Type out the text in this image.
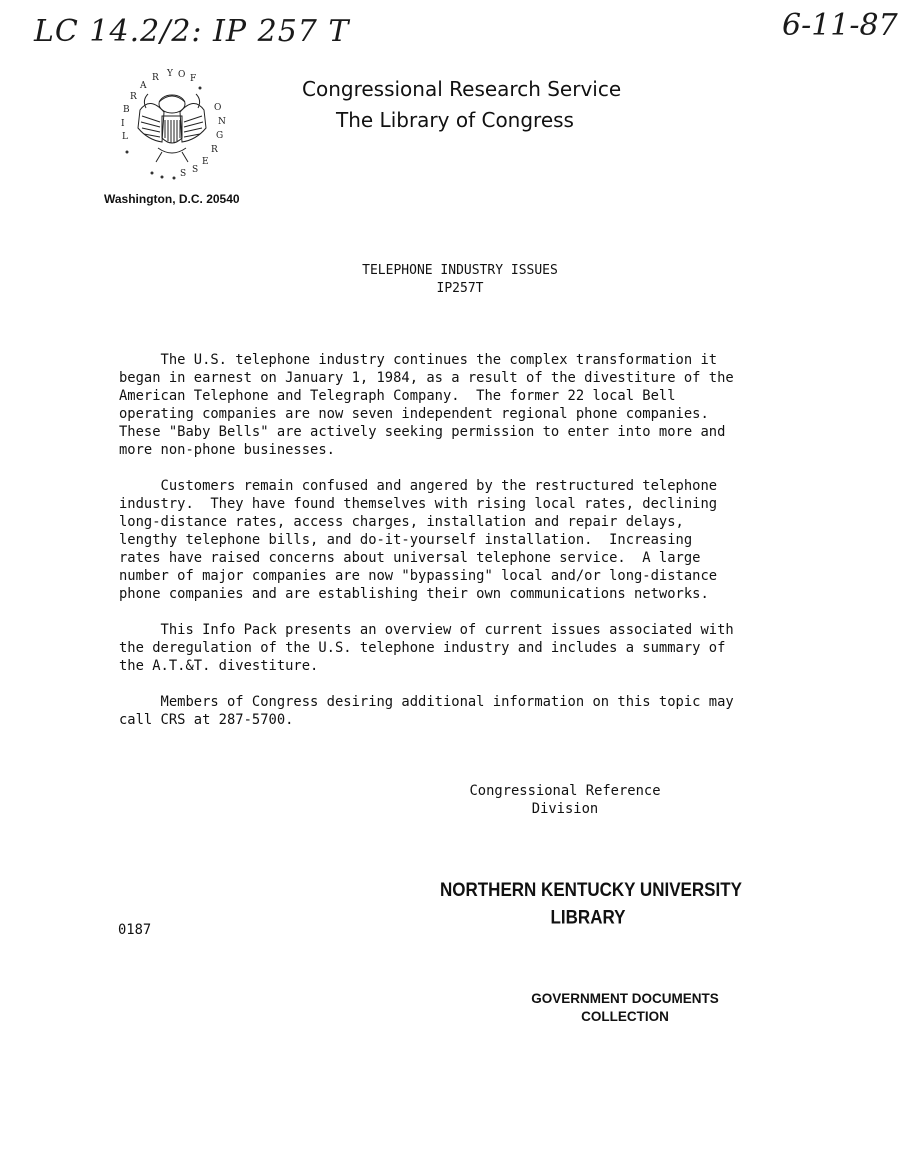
LC 14.2/2: IP 257 T	6-11-87
Y O F
R
A
R
B
I
L
O
N
G
R
E
S
S
Congressional Research Service
The Library of Congress
Washington, D.C. 20540
TELEPHONE INDUSTRY ISSUES
IP257T
The U.S. telephone industry continues the complex transformation it
began in earnest on January 1, 1984, as a result of the divestiture of the
American Telephone and Telegraph Company.  The former 22 local Bell
operating companies are now seven independent regional phone companies.
These "Baby Bells" are actively seeking permission to enter into more and
more non-phone businesses.
Customers remain confused and angered by the restructured telephone
industry.  They have found themselves with rising local rates, declining
long-distance rates, access charges, installation and repair delays,
lengthy telephone bills, and do-it-yourself installation.  Increasing
rates have raised concerns about universal telephone service.  A large
number of major companies are now "bypassing" local and/or long-distance
phone companies and are establishing their own communications networks.
This Info Pack presents an overview of current issues associated with
the deregulation of the U.S. telephone industry and includes a summary of
the A.T.&T. divestiture.
Members of Congress desiring additional information on this topic may
call CRS at 287-5700.
Congressional Reference
Division
NORTHERN KENTUCKY UNIVERSITY
LIBRARY
0187
GOVERNMENT DOCUMENTS
COLLECTION
